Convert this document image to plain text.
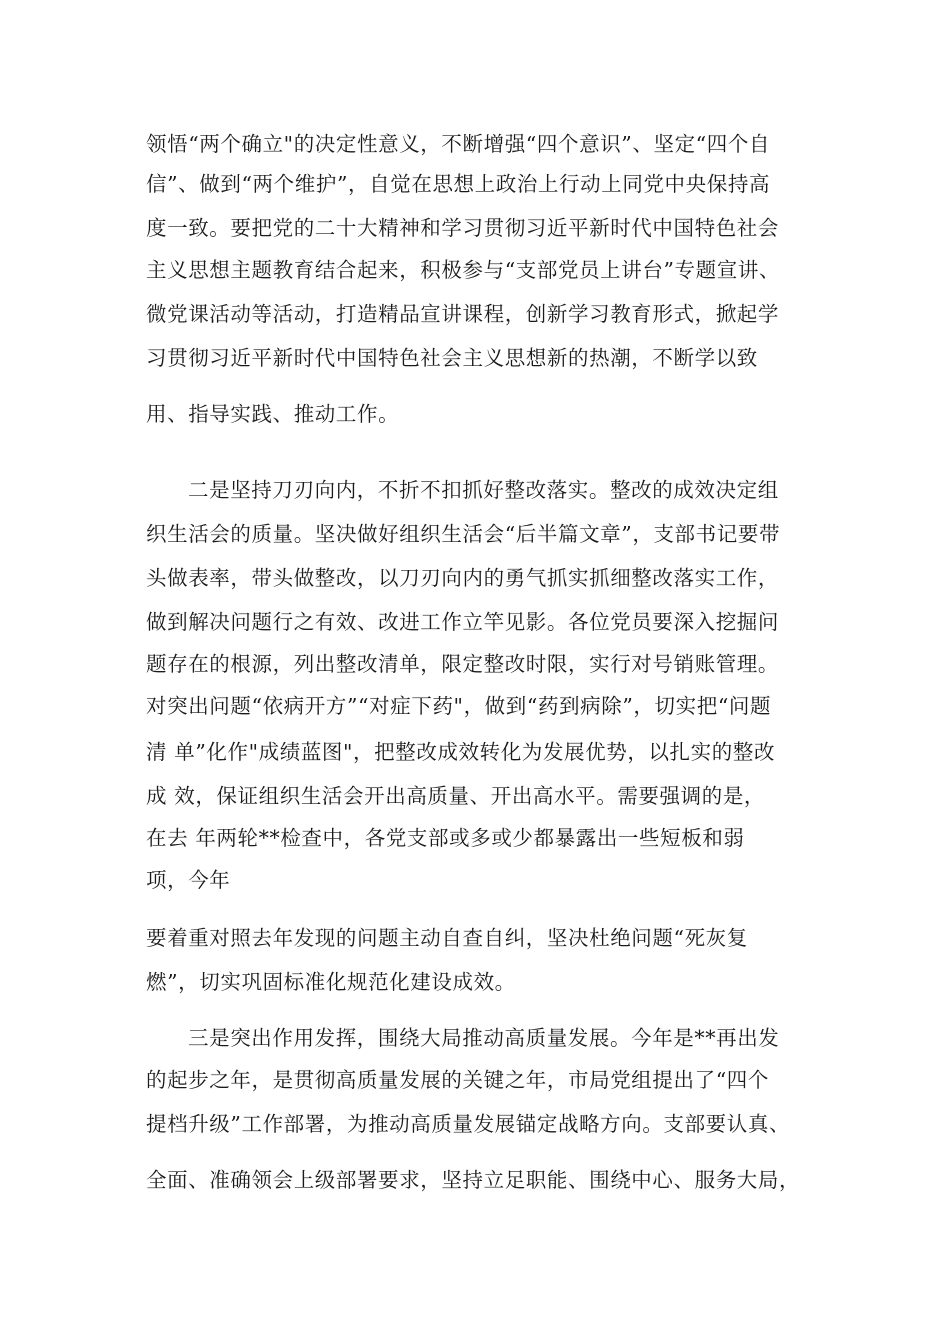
领悟“两个确立"的决定性意义，不断增强“四个意识”、坚定“四个自
信”、做到“两个维护”，自觉在思想上政治上行动上同党中央保持高
度一致。要把党的二十大精神和学习贯彻习近平新时代中国特色社会
主义思想主题教育结合起来，积极参与“支部党员上讲台”专题宣讲、
微党课活动等活动，打造精品宣讲课程，创新学习教育形式，掀起学
习贯彻习近平新时代中国特色社会主义思想新的热潮，不断学以致
用、指导实践、推动工作。
二是坚持刀刃向内，不折不扣抓好整改落实。整改的成效决定组
织生活会的质量。坚决做好组织生活会“后半篇文章”，支部书记要带
头做表率，带头做整改，以刀刃向内的勇气抓实抓细整改落实工作，
做到解决问题行之有效、改进工作立竿见影。各位党员要深入挖掘问
题存在的根源，列出整改清单，限定整改时限，实行对号销账管理。
对突出问题“依病开方”“对症下药"，做到“药到病除”，切实把“问题
清 单”化作"成绩蓝图"，把整改成效转化为发展优势，以扎实的整改
成 效，保证组织生活会开出高质量、开出高水平。需要强调的是，
在去 年两轮**检查中，各党支部或多或少都暴露出一些短板和弱
项，今年
要着重对照去年发现的问题主动自查自纠，坚决杜绝问题“死灰复
燃”，切实巩固标准化规范化建设成效。
三是突出作用发挥，围绕大局推动高质量发展。今年是**再出发
的起步之年，是贯彻高质量发展的关键之年，市局党组提出了“四个
提档升级”工作部署，为推动高质量发展锚定战略方向。支部要认真、
全面、准确领会上级部署要求，坚持立足职能、围绕中心、服务大局，
